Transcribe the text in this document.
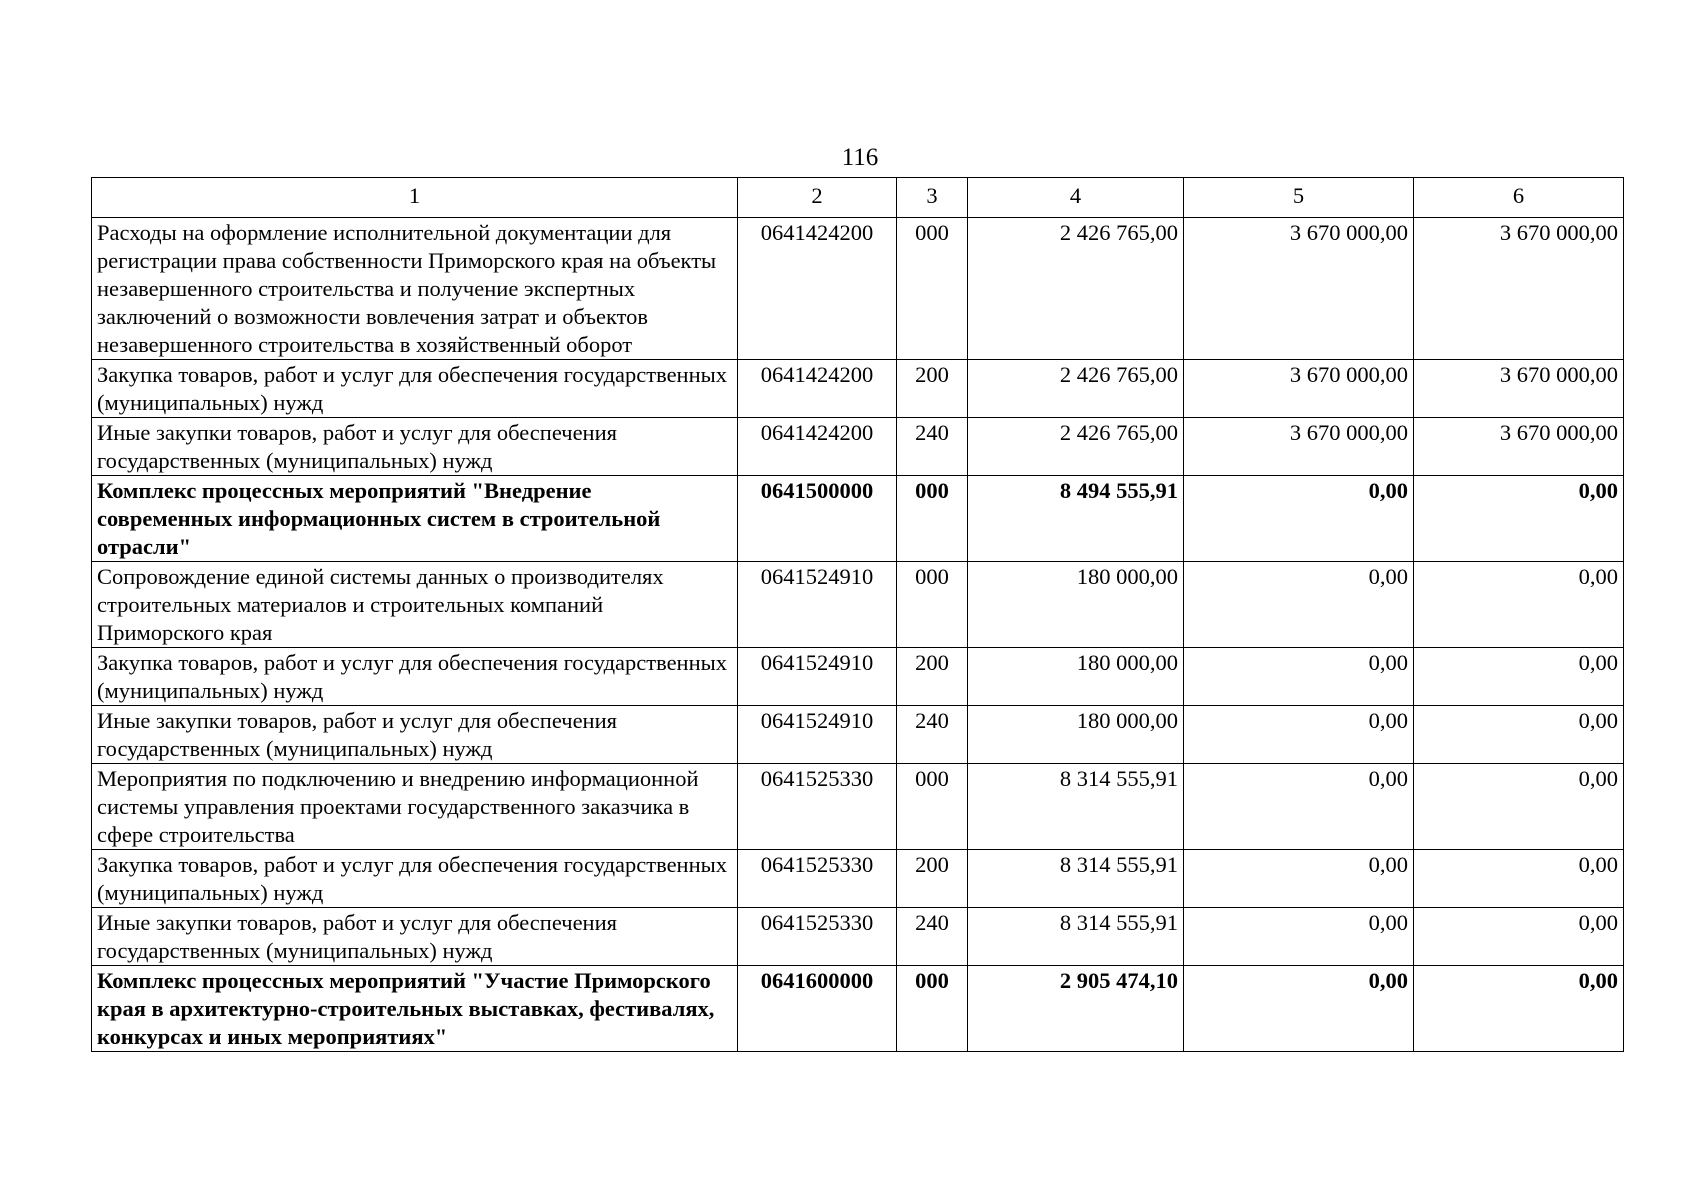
116
1	2	3	4	5	6
Расходы на оформление исполнительной документации для регистрации права собственности Приморского края на объекты незавершенного строительства и получение экспертных заключений о возможности вовлечения затрат и объектов незавершенного строительства в хозяйственный оборот	0641424200	000	2 426 765,00	3 670 000,00	3 670 000,00
Закупка товаров, работ и услуг для обеспечения государственных (муниципальных) нужд	0641424200	200	2 426 765,00	3 670 000,00	3 670 000,00
Иные закупки товаров, работ и услуг для обеспечения государственных (муниципальных) нужд	0641424200	240	2 426 765,00	3 670 000,00	3 670 000,00
Комплекс процессных мероприятий "Внедрение современных информационных систем в строительной отрасли"	0641500000	000	8 494 555,91	0,00	0,00
Сопровождение единой системы данных о производителях строительных материалов и строительных компаний Приморского края	0641524910	000	180 000,00	0,00	0,00
Закупка товаров, работ и услуг для обеспечения государственных (муниципальных) нужд	0641524910	200	180 000,00	0,00	0,00
Иные закупки товаров, работ и услуг для обеспечения государственных (муниципальных) нужд	0641524910	240	180 000,00	0,00	0,00
Мероприятия по подключению и внедрению информационной системы управления проектами государственного заказчика в сфере строительства	0641525330	000	8 314 555,91	0,00	0,00
Закупка товаров, работ и услуг для обеспечения государственных (муниципальных) нужд	0641525330	200	8 314 555,91	0,00	0,00
Иные закупки товаров, работ и услуг для обеспечения государственных (муниципальных) нужд	0641525330	240	8 314 555,91	0,00	0,00
Комплекс процессных мероприятий "Участие Приморского края в архитектурно-строительных выставках, фестивалях, конкурсах и иных мероприятиях"	0641600000	000	2 905 474,10	0,00	0,00
